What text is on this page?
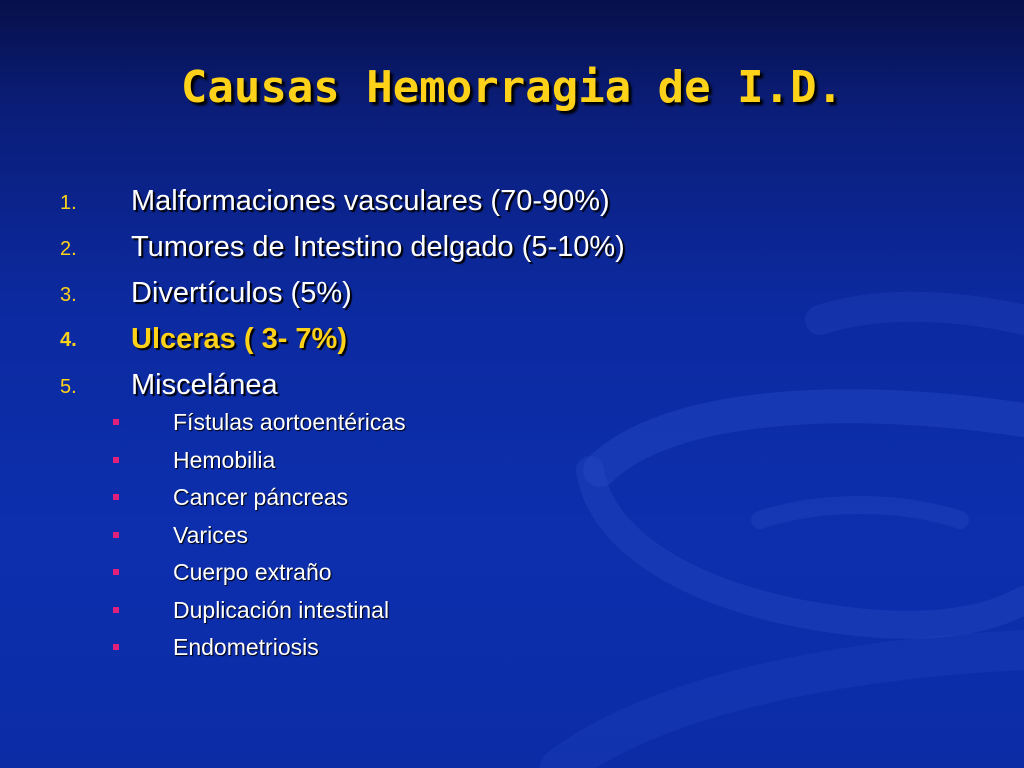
Causas Hemorragia de I.D.
1. Malformaciones vasculares (70-90%)
2. Tumores de Intestino delgado (5-10%)
3. Divertículos (5%)
4. Ulceras ( 3- 7%)
5. Miscelánea
Fístulas aortoentéricas
Hemobilia
Cancer páncreas
Varices
Cuerpo extraño
Duplicación intestinal
Endometriosis
